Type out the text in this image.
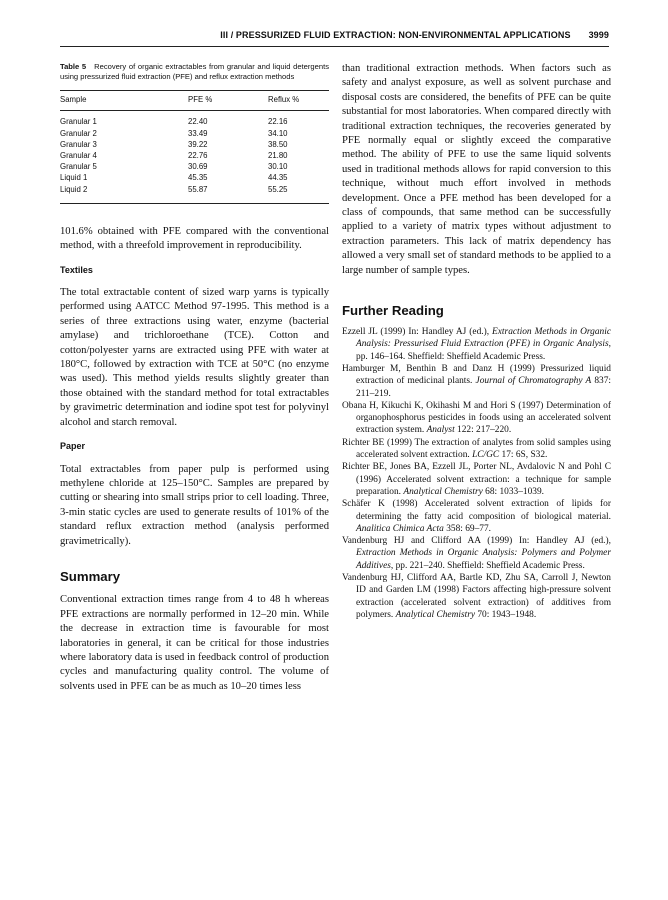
III / PRESSURIZED FLUID EXTRACTION: NON-ENVIRONMENTAL APPLICATIONS 3999

Table 5 Recovery of organic extractables from granular and liquid detergents using pressurized fluid extraction (PFE) and reflux extraction methods

Sample	PFE %	Reflux %
Granular 1	22.40	22.16
Granular 2	33.49	34.10
Granular 3	39.22	38.50
Granular 4	22.76	21.80
Granular 5	30.69	30.10
Liquid 1	45.35	44.35
Liquid 2	55.87	55.25

101.6% obtained with PFE compared with the conventional method, with a threefold improvement in reproducibility.

Textiles

The total extractable content of sized warp yarns is typically performed using AATCC Method 97-1995. This method is a series of three extractions using water, enzyme (bacterial amylase) and trichloroethane (TCE). Cotton and cotton/polyester yarns are extracted using PFE with water at 180°C, followed by extraction with TCE at 50°C (no enzyme was used). This method yields results slightly greater than those obtained with the standard method for total extractables by gravimetric determination and iodine spot test for polyvinyl alcohol and starch removal.

Paper

Total extractables from paper pulp is performed using methylene chloride at 125–150°C. Samples are prepared by cutting or shearing into small strips prior to cell loading. Three, 3-min static cycles are used to generate results of 101% of the standard reflux extraction method (analysis performed gravimetrically).

Summary

Conventional extraction times range from 4 to 48 h whereas PFE extractions are normally performed in 12–20 min. While the decrease in extraction time is favourable for most laboratories in general, it can be critical for those industries where laboratory data is used in feedback control of production cycles and manufacturing quality control. The volume of solvents used in PFE can be as much as 10–20 times less

than traditional extraction methods. When factors such as safety and analyst exposure, as well as solvent purchase and disposal costs are considered, the benefits of PFE can be quite substantial for most laboratories. When compared directly with traditional extraction techniques, the recoveries generated by PFE normally equal or slightly exceed the comparative method. The ability of PFE to use the same liquid solvents used in traditional methods allows for rapid conversion to this technique, without much effort involved in methods development. Once a PFE method has been developed for a class of compounds, that same method can be successfully applied to a variety of matrix types without adjustment to extraction parameters. This lack of matrix dependency has allowed a very small set of standard methods to be applied to a large number of sample types.

Further Reading

Ezzell JL (1999) In: Handley AJ (ed.), Extraction Methods in Organic Analysis: Pressurised Fluid Extraction (PFE) in Organic Analysis, pp. 146–164. Sheffield: Sheffield Academic Press.

Hamburger M, Benthin B and Danz H (1999) Pressurized liquid extraction of medicinal plants. Journal of Chromatography A 837: 211–219.

Obana H, Kikuchi K, Okihashi M and Hori S (1997) Determination of organophosphorus pesticides in foods using an accelerated solvent extraction system. Analyst 122: 217–220.

Richter BE (1999) The extraction of analytes from solid samples using accelerated solvent extraction. LC/GC 17: 6S, S32.

Richter BE, Jones BA, Ezzell JL, Porter NL, Avdalovic N and Pohl C (1996) Accelerated solvent extraction: a technique for sample preparation. Analytical Chemistry 68: 1033–1039.

Schäfer K (1998) Accelerated solvent extraction of lipids for determining the fatty acid composition of biological material. Analitica Chimica Acta 358: 69–77.

Vandenburg HJ and Clifford AA (1999) In: Handley AJ (ed.), Extraction Methods in Organic Analysis: Polymers and Polymer Additives, pp. 221–240. Sheffield: Sheffield Academic Press.

Vandenburg HJ, Clifford AA, Bartle KD, Zhu SA, Carroll J, Newton ID and Garden LM (1998) Factors affecting high-pressure solvent extraction (accelerated solvent extraction) of additives from polymers. Analytical Chemistry 70: 1943–1948.
